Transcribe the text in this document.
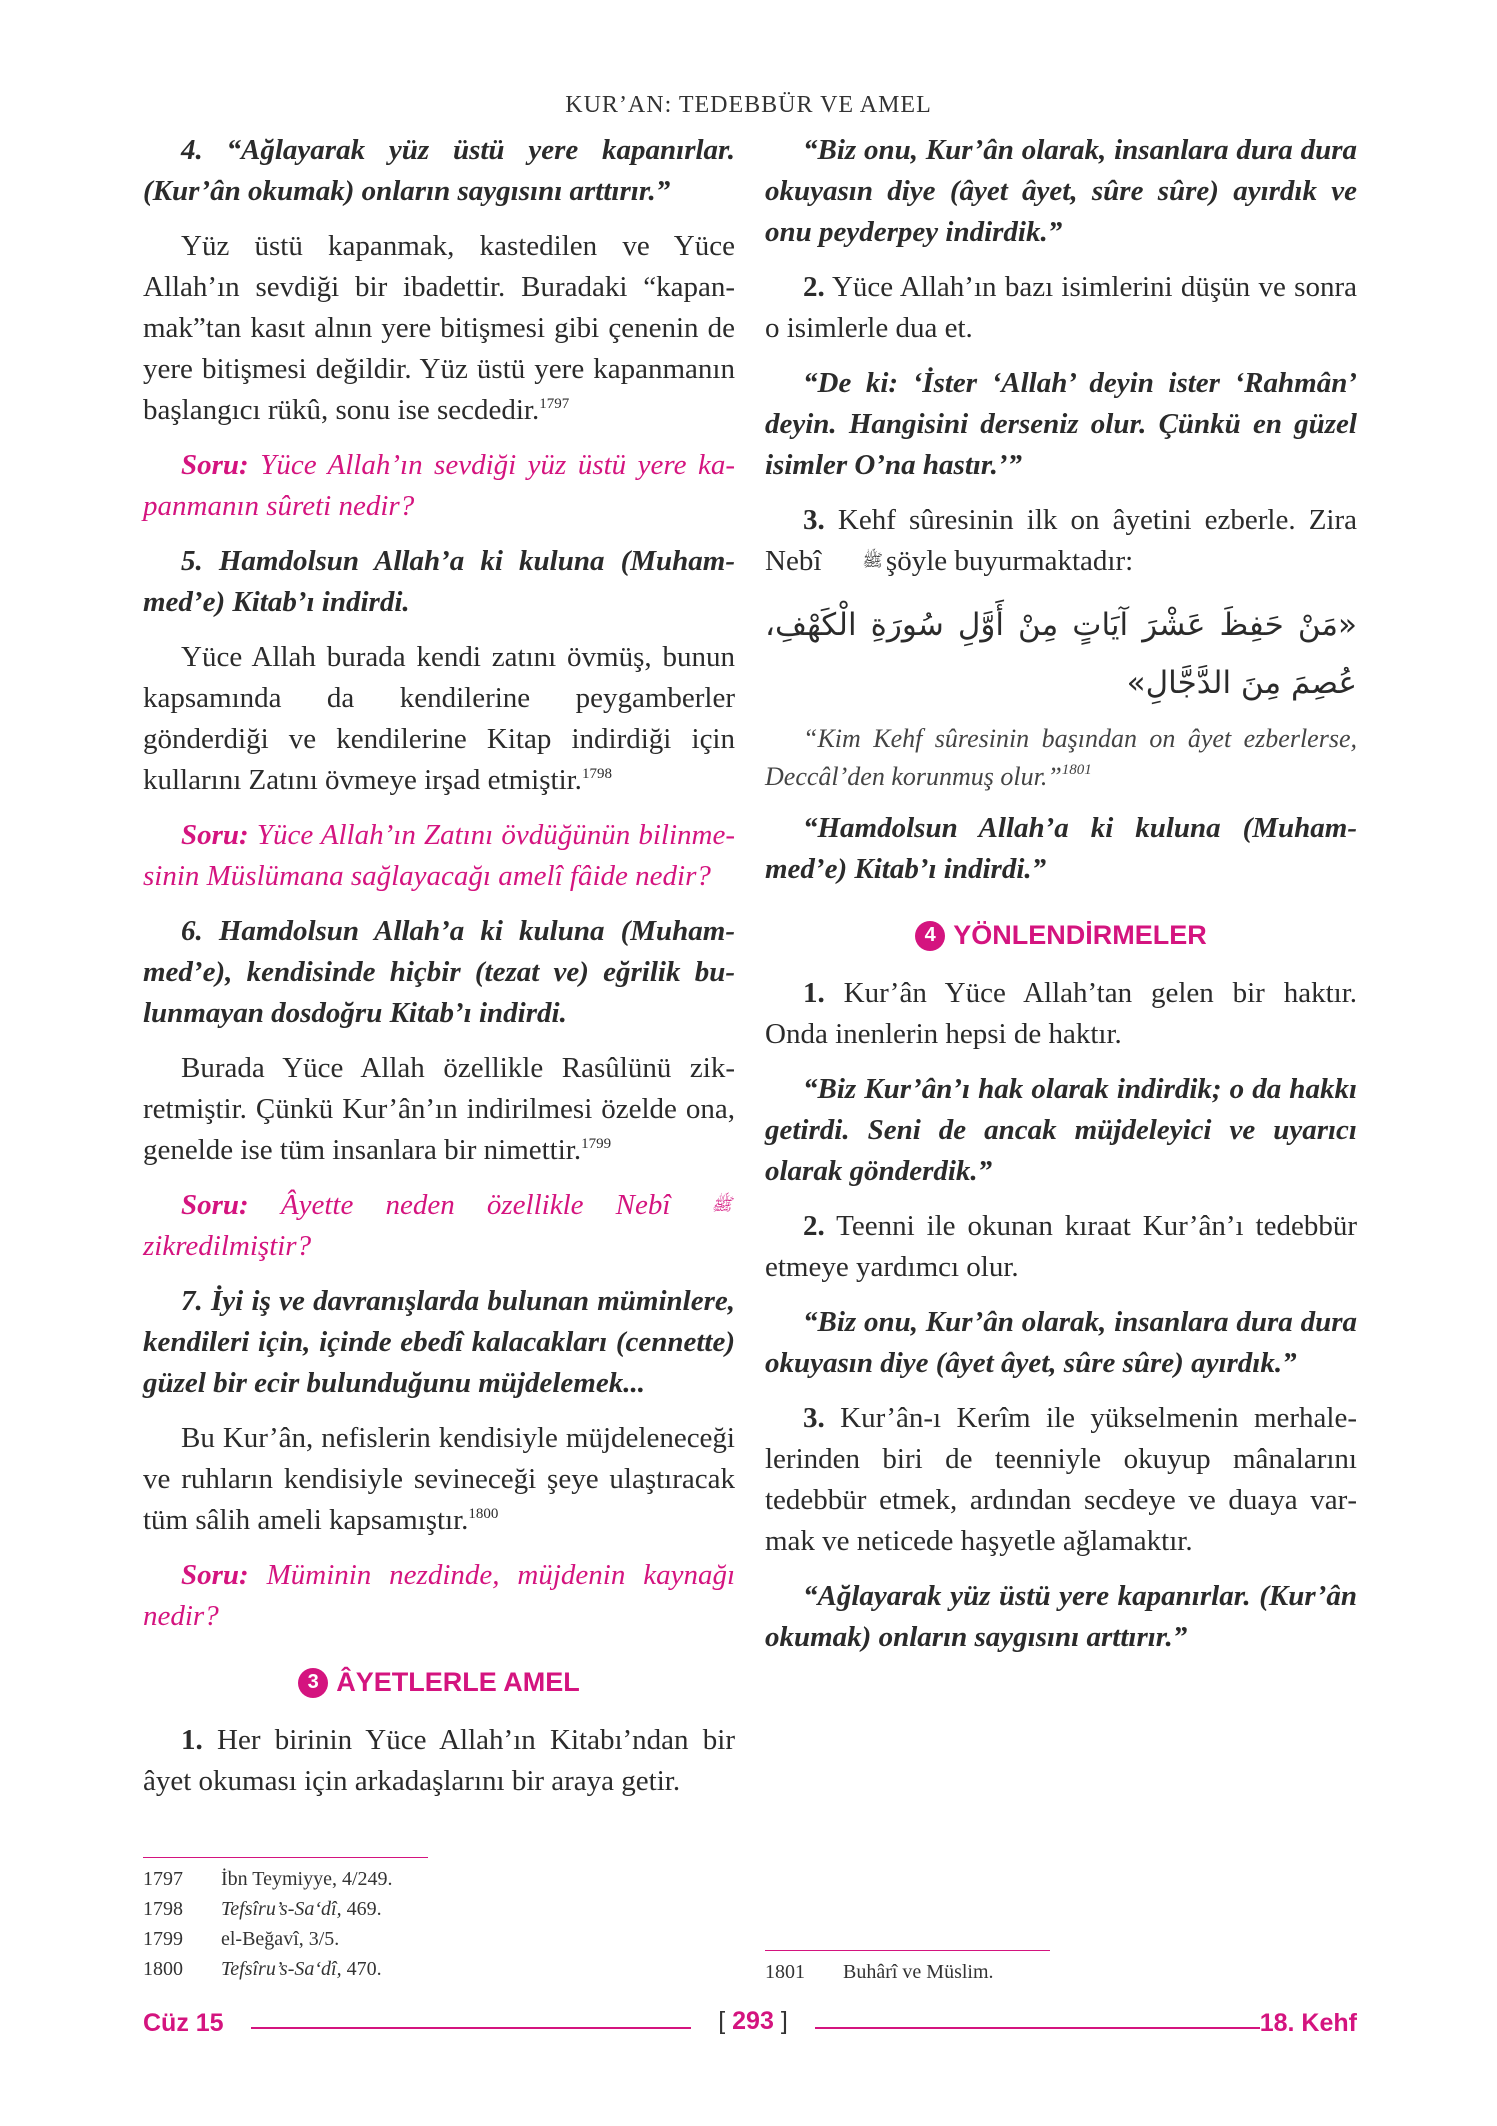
KUR’AN: TEDEBBÜR VE AMEL

4. “Ağlayarak yüz üstü yere kapanırlar. (Kur’ân okumak) onların saygısını arttırır.”

Yüz üstü kapanmak, kastedilen ve Yüce Allah’ın sevdiği bir ibadettir. Buradaki “kapanmak”tan kasıt alnın yere bitişmesi gibi çenenin de yere bitişmesi değildir. Yüz üstü yere kapanmanın başlangıcı rükû, sonu ise secdedir.$^{1797}$

Soru: Yüce Allah’ın sevdiği yüz üstü yere kapanmanın sûreti nedir?

5. Hamdolsun Allah’a ki kuluna (Muhammed’e) Kitab’ı indirdi.

Yüce Allah burada kendi zatını övmüş, bunun kapsamında da kendilerine peygamberler gönderdiği ve kendilerine Kitap indirdiği için kullarını Zatını övmeye irşad etmiştir.$^{1798}$

Soru: Yüce Allah’ın Zatını övdüğünün bilinmesinin Müslümana sağlayacağı amelî fâide nedir?

6. Hamdolsun Allah’a ki kuluna (Muhammed’e), kendisinde hiçbir (tezat ve) eğrilik bulunmayan dosdoğru Kitab’ı indirdi.

Burada Yüce Allah özellikle Rasûlünü zikretmiştir. Çünkü Kur’ân’ın indirilmesi özelde ona, genelde ise tüm insanlara bir nimettir.$^{1799}$

Soru: Âyette neden özellikle Nebî ﷺ zikredilmiştir?

7. İyi iş ve davranışlarda bulunan müminlere, kendileri için, içinde ebedî kalacakları (cennette) güzel bir ecir bulunduğunu müjdelemek...

Bu Kur’ân, nefislerin kendisiyle müjdeleneceği ve ruhların kendisiyle sevineceği şeye ulaştıracak tüm sâlih ameli kapsamıştır.$^{1800}$

Soru: Müminin nezdinde, müjdenin kaynağı nedir?

3 ÂYETLERLE AMEL

1. Her birinin Yüce Allah’ın Kitabı’ndan bir âyet okuması için arkadaşlarını bir araya getir.

“Biz onu, Kur’ân olarak, insanlara dura dura okuyasın diye (âyet âyet, sûre sûre) ayırdık ve onu peyderpey indirdik.”

2. Yüce Allah’ın bazı isimlerini düşün ve sonra o isimlerle dua et.

“De ki: ‘İster ‘Allah’ deyin ister ‘Rahmân’ deyin. Hangisini derseniz olur. Çünkü en güzel isimler O’na hastır.’”

3. Kehf sûresinin ilk on âyetini ezberle. Zira Nebî ﷺ şöyle buyurmaktadır:

«مَنْ حَفِظَ عَشْرَ آيَاتٍ مِنْ أَوَّلِ سُورَةِ الْكَهْفِ، عُصِمَ مِنَ الدَّجَّالِ»

“Kim Kehf sûresinin başından on âyet ezberlerse, Deccâl’den korunmuş olur.”$^{1801}$

“Hamdolsun Allah’a ki kuluna (Muhammed’e) Kitab’ı indirdi.”

4 YÖNLENDİRMELER

1. Kur’ân Yüce Allah’tan gelen bir haktır. Onda inenlerin hepsi de haktır.

“Biz Kur’ân’ı hak olarak indirdik; o da hakkı getirdi. Seni de ancak müjdeleyici ve uyarıcı olarak gönderdik.”

2. Teenni ile okunan kıraat Kur’ân’ı tedebbür etmeye yardımcı olur.

“Biz onu, Kur’ân olarak, insanlara dura dura okuyasın diye (âyet âyet, sûre sûre) ayırdık.”

3. Kur’ân-ı Kerîm ile yükselmenin merhalelerinden biri de teenniyle okuyup mânalarını tedebbür etmek, ardından secdeye ve duaya varmak ve neticede haşyetle ağlamaktır.

“Ağlayarak yüz üstü yere kapanırlar. (Kur’ân okumak) onların saygısını arttırır.”

1797	İbn Teymiyye, 4/249.
1798	Tefsîru’s-Sa‘dî, 469.
1799	el-Beğavî, 3/5.
1800	Tefsîru’s-Sa‘dî, 470.	1801	Buhârî ve Müslim.
Cüz 15	[ 293 ]	18. Kehf
